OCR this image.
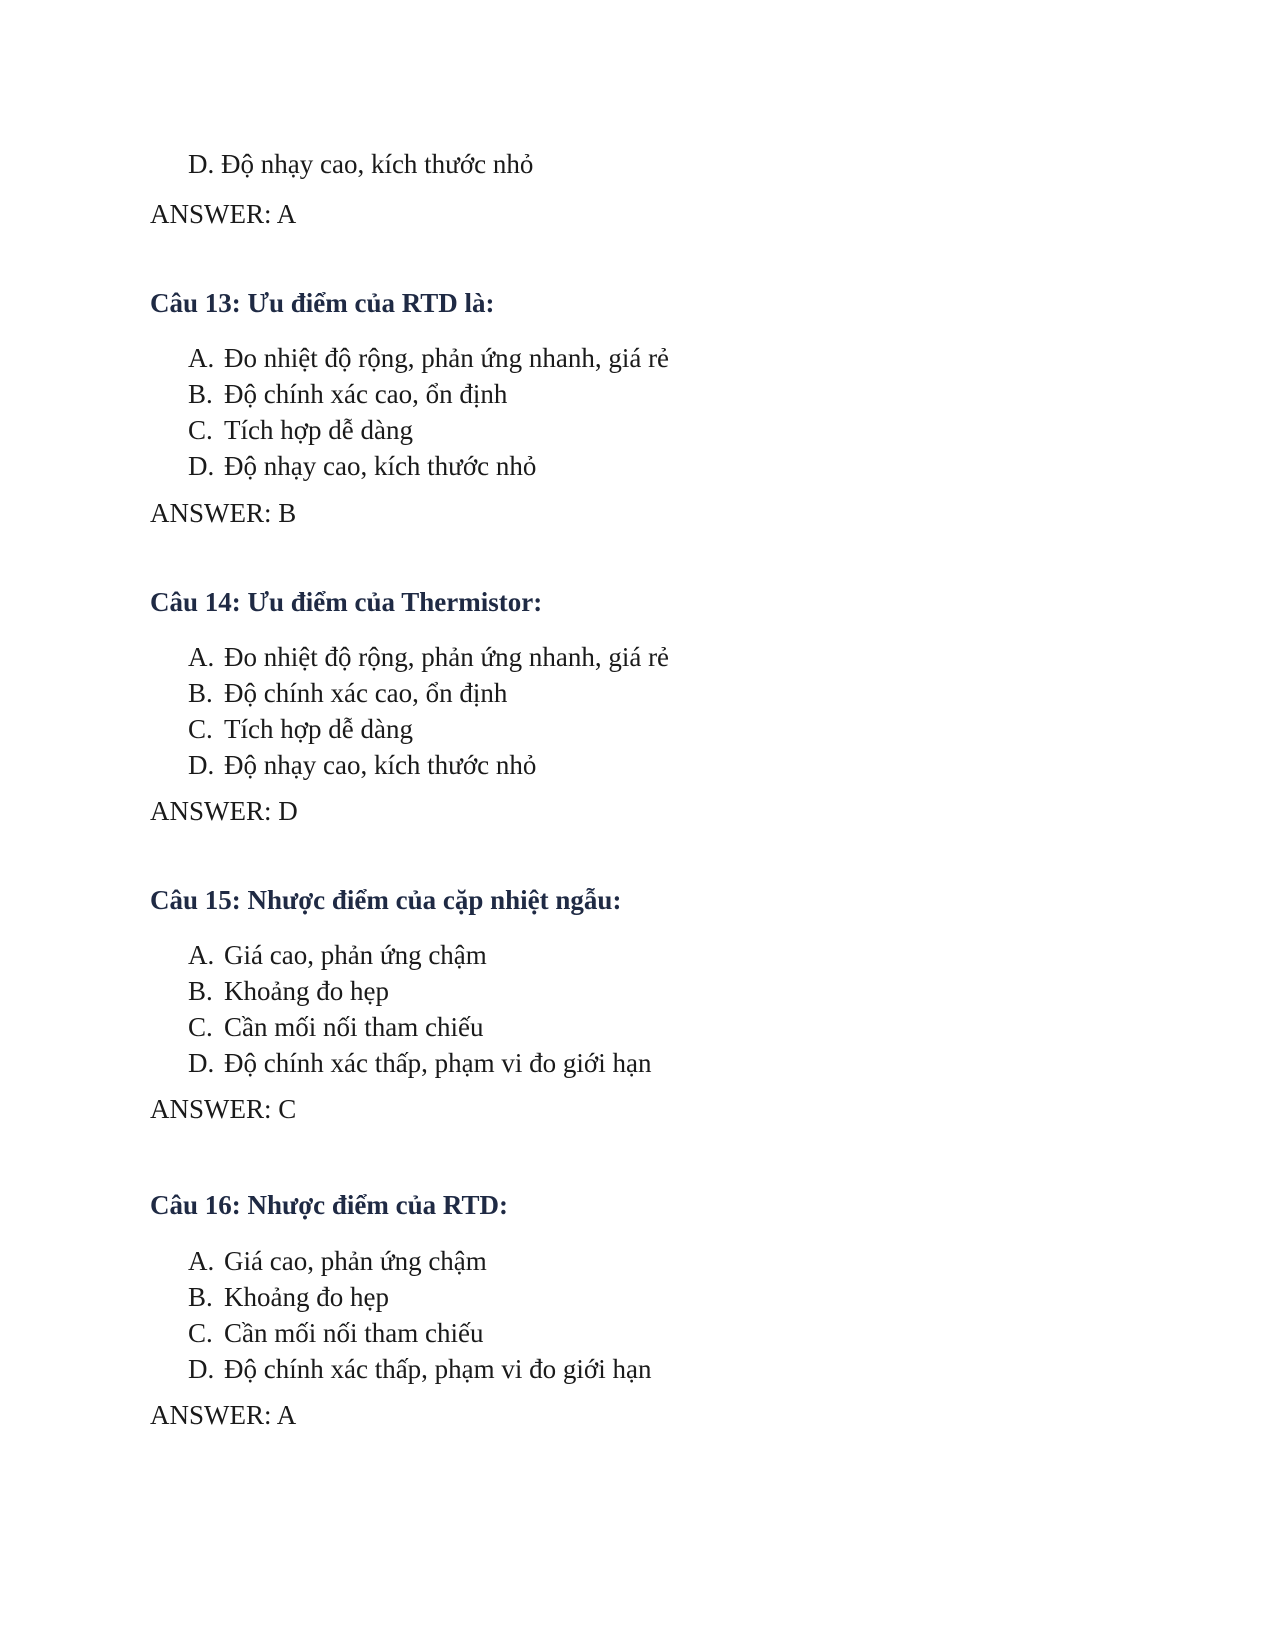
D. Độ nhạy cao, kích thước nhỏ
ANSWER: A
Câu 13: Ưu điểm của RTD là:
A. Đo nhiệt độ rộng, phản ứng nhanh, giá rẻ
B. Độ chính xác cao, ổn định
C. Tích hợp dễ dàng
D. Độ nhạy cao, kích thước nhỏ
ANSWER: B
Câu 14: Ưu điểm của Thermistor:
A. Đo nhiệt độ rộng, phản ứng nhanh, giá rẻ
B. Độ chính xác cao, ổn định
C. Tích hợp dễ dàng
D. Độ nhạy cao, kích thước nhỏ
ANSWER: D
Câu 15: Nhược điểm của cặp nhiệt ngẫu:
A. Giá cao, phản ứng chậm
B. Khoảng đo hẹp
C. Cần mối nối tham chiếu
D. Độ chính xác thấp, phạm vi đo giới hạn
ANSWER: C
Câu 16: Nhược điểm của RTD:
A. Giá cao, phản ứng chậm
B. Khoảng đo hẹp
C. Cần mối nối tham chiếu
D. Độ chính xác thấp, phạm vi đo giới hạn
ANSWER: A
